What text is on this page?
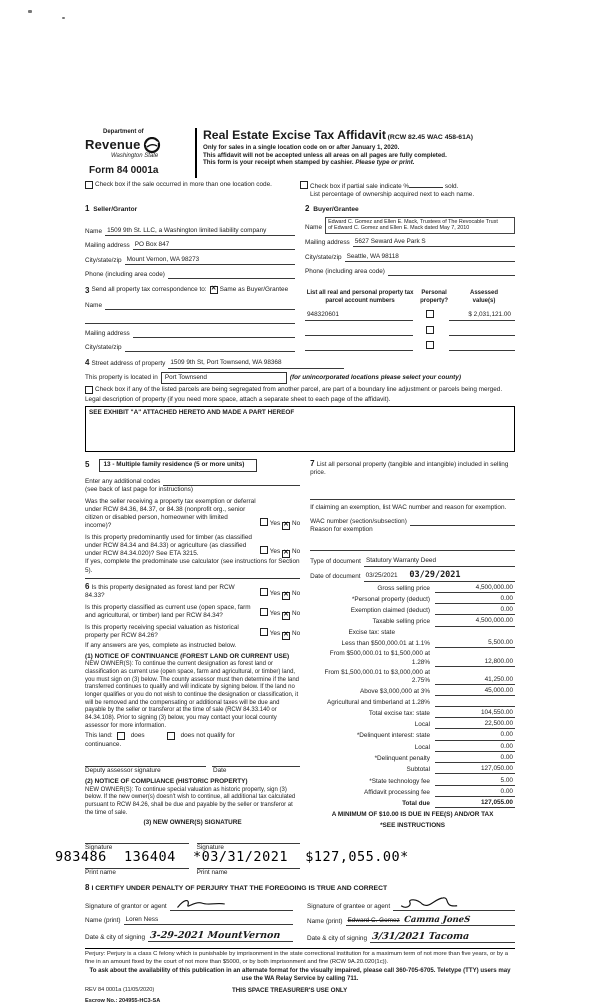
Department of
Revenue
Washington State
Form 84 0001a
Real Estate Excise Tax Affidavit (RCW 82.45 WAC 458-61A)
Only for sales in a single location code on or after January 1, 2020.
This affidavit will not be accepted unless all areas on all pages are fully completed.
This form is your receipt when stamped by cashier. Please type or print.
Check box if the sale occurred in more than one location code.	Check box if partial sale indicate %	sold.
List percentage of ownership acquired next to each name.
1 Seller/Grantor
Name 1509 9th St. LLC, a Washington limited liability company
Mailing address PO Box 847
City/state/zip Mount Vernon, WA 98273
Phone (including area code)
2 Buyer/Grantee
Name
Edward C. Gomez and Ellen E. Mack, Trustees of The Revocable Trust
of Edward C. Gomez and Ellen E. Mack dated May 7, 2010
Mailing address 5627 Seward Ave Park S
City/state/zip Seattle, WA 98118
Phone (including area code)
3 Send all property tax correspondence to: ✕ Same as Buyer/Grantee
Name
Mailing address
City/state/zip
List all real and personal property tax
parcel account numbers
Personal
property?
Assessed
value(s)
948320601	$ 2,031,121.00
4 Street address of property 1509 9th St, Port Townsend, WA 98368
This property is located in	Port Townsend	(for unincorporated locations please select your county)
Check box if any of the listed parcels are being segregated from another parcel, are part of a boundary line adjustment or parcels being merged.
Legal description of property (if you need more space, attach a separate sheet to each page of the affidavit).
SEE EXHIBIT "A" ATTACHED HERETO AND MADE A PART HEREOF
5	13 - Multiple family residence (5 or more units)
Enter any additional codes
(see back of last page for instructions)
Was the seller receiving a property tax exemption or deferral under RCW 84.36, 84.37, or 84.38 (nonprofit org., senior citizen or disabled person, homeowner with limited income)?	Yes ✕ No
Is this property predominantly used for timber (as classified under RCW 84.34 and 84.33) or agriculture (as classified under RCW 84.34.020)? See ETA 3215.	Yes ✕ No
If yes, complete the predominate use calculator (see instructions for Section 5).
6 Is this property designated as forest land per RCW 84.33?	Yes ✕ No
Is this property classified as current use (open space, farm and agricultural, or timber) land per RCW 84.34?	Yes ✕ No
Is this property receiving special valuation as historical property per RCW 84.26?	Yes ✕ No
If any answers are yes, complete as instructed below.
(1) NOTICE OF CONTINUANCE (FOREST LAND OR CURRENT USE)
NEW OWNER(S): To continue the current designation as forest land or classification as current use (open space, farm and agricultural, or timber) land, you must sign on (3) below. The county assessor must then determine if the land transferred continues to qualify and will indicate by signing below. If the land no longer qualifies or you do not wish to continue the designation or classification, it will be removed and the compensating or additional taxes will be due and payable by the seller or transferor at the time of sale (RCW 84.33.140 or 84.34.108). Prior to signing (3) below, you may contact your local county assessor for more information.
This land:	does	does not qualify for
continuance.
Deputy assessor signature	Date
(2) NOTICE OF COMPLIANCE (HISTORIC PROPERTY)
NEW OWNER(S): To continue special valuation as historic property, sign (3) below. If the new owner(s) doesn't wish to continue, all additional tax calculated pursuant to RCW 84.26, shall be due and payable by the seller or transferor at the time of sale.
(3) NEW OWNER(S) SIGNATURE
Signature	Signature
Print name	Print name
7 List all personal property (tangible and intangible) included in selling price.
If claiming an exemption, list WAC number and reason for exemption.
WAC number (section/subsection)
Reason for exemption
Type of document Statutory Warranty Deed
Date of document 03/25/2021 03/29/2021
Gross selling price	4,500,000.00
*Personal property (deduct)	0.00
Exemption claimed (deduct)	0.00
Taxable selling price	4,500,000.00
Excise tax: state
Less than $500,000.01 at 1.1%	5,500.00
From $500,000.01 to $1,500,000 at 1.28%	12,800.00
From $1,500,000.01 to $3,000,000 at 2.75%	41,250.00
Above $3,000,000 at 3%	45,000.00
Agricultural and timberland at 1.28%
Total excise tax: state	104,550.00
Local	22,500.00
*Delinquent interest: state	0.00
Local	0.00
*Delinquent penalty	0.00
Subtotal	127,050.00
*State technology fee	5.00
Affidavit processing fee	0.00
Total due	127,055.00
A MINIMUM OF $10.00 IS DUE IN FEE(S) AND/OR TAX
*SEE INSTRUCTIONS
8 I CERTIFY UNDER PENALTY OF PERJURY THAT THE FOREGOING IS TRUE AND CORRECT
Signature of grantor or agent
Name (print) Loren Ness
Date & city of signing 3-29-2021 MountVernon
Signature of grantee or agent
Name (print) Edward C. Gomez Camma JoneS
Date & city of signing 3/31/2021 Tacoma

Perjury: Perjury is a class C felony which is punishable by imprisonment in the state correctional institution for a maximum term of not more than five years, or by a fine in an amount fixed by the court of not more than $5000, or by both imprisonment and fine (RCW 9A.20.020(1c)).

To ask about the availability of this publication in an alternate format for the visually impaired, please call 360-705-6705. Teletype (TTY) users may use the WA Relay Service by calling 711.

REV 84 0001a (11/05/2020)	THIS SPACE TREASURER'S USE ONLY
Escrow No.: 204955-HC3-SA
983486  136404  *03/31/2021  $127,055.00*
